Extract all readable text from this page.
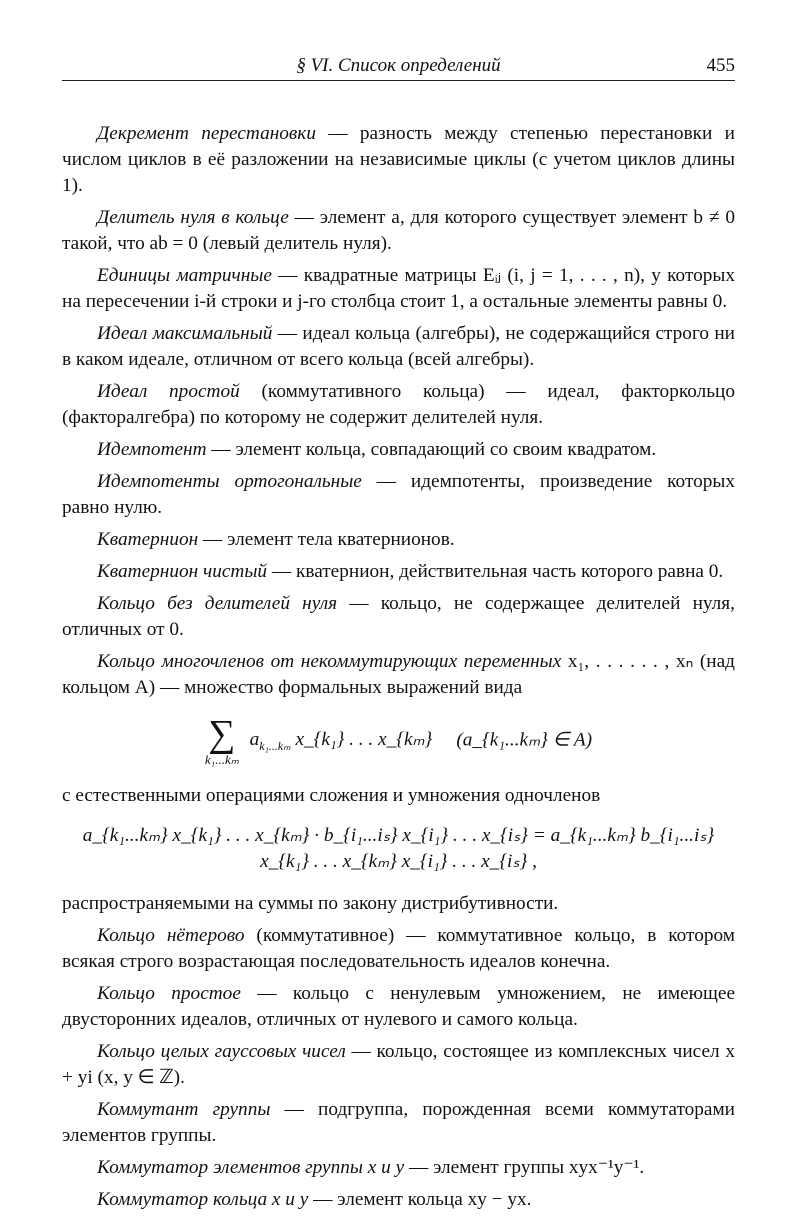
§ VI. Список определений	455

Декремент перестановки — разность между степенью перестановки и числом циклов в её разложении на независимые циклы (с учетом циклов длины 1).

Делитель нуля в кольце — элемент a, для которого существует элемент b ≠ 0 такой, что ab = 0 (левый делитель нуля).

Единицы матричные — квадратные матрицы Eᵢⱼ (i, j = 1, . . . , n), у которых на пересечении i-й строки и j-го столбца стоит 1, а остальные элементы равны 0.

Идеал максимальный — идеал кольца (алгебры), не содержащийся строго ни в каком идеале, отличном от всего кольца (всей алгебры).

Идеал простой (коммутативного кольца) — идеал, факторкольцо (факторалгебра) по которому не содержит делителей нуля.

Идемпотент — элемент кольца, совпадающий со своим квадратом.

Идемпотенты ортогональные — идемпотенты, произведение которых равно нулю.

Кватернион — элемент тела кватернионов.

Кватернион чистый — кватернион, действительная часть которого равна 0.

Кольцо без делителей нуля — кольцо, не содержащее делителей нуля, отличных от 0.

Кольцо многочленов от некоммутирующих переменных x₁, . . . . . . , xₙ (над кольцом A) — множество формальных выражений вида

∑
k₁...kₘ
$a_{k_1...k_m}$ x_{k₁} . . . x_{kₘ} (a_{k₁...kₘ} ∈ A)

с естественными операциями сложения и умножения одночленов

a_{k₁...kₘ} x_{k₁} . . . x_{kₘ} · b_{i₁...iₛ} x_{i₁} . . . x_{iₛ} = a_{k₁...kₘ} b_{i₁...iₛ} x_{k₁} . . . x_{kₘ} x_{i₁} . . . x_{iₛ} ,

распространяемыми на суммы по закону дистрибутивности.

Кольцо нётерово (коммутативное) — коммутативное кольцо, в котором всякая строго возрастающая последовательность идеалов конечна.

Кольцо простое — кольцо с ненулевым умножением, не имеющее двусторонних идеалов, отличных от нулевого и самого кольца.

Кольцо целых гауссовых чисел — кольцо, состоящее из комплексных чисел x + yi (x, y ∈ ℤ).

Коммутант группы — подгруппа, порожденная всеми коммутаторами элементов группы.

Коммутатор элементов группы x и y — элемент группы xyx⁻¹y⁻¹.

Коммутатор кольца x и y — элемент кольца xy − yx.
